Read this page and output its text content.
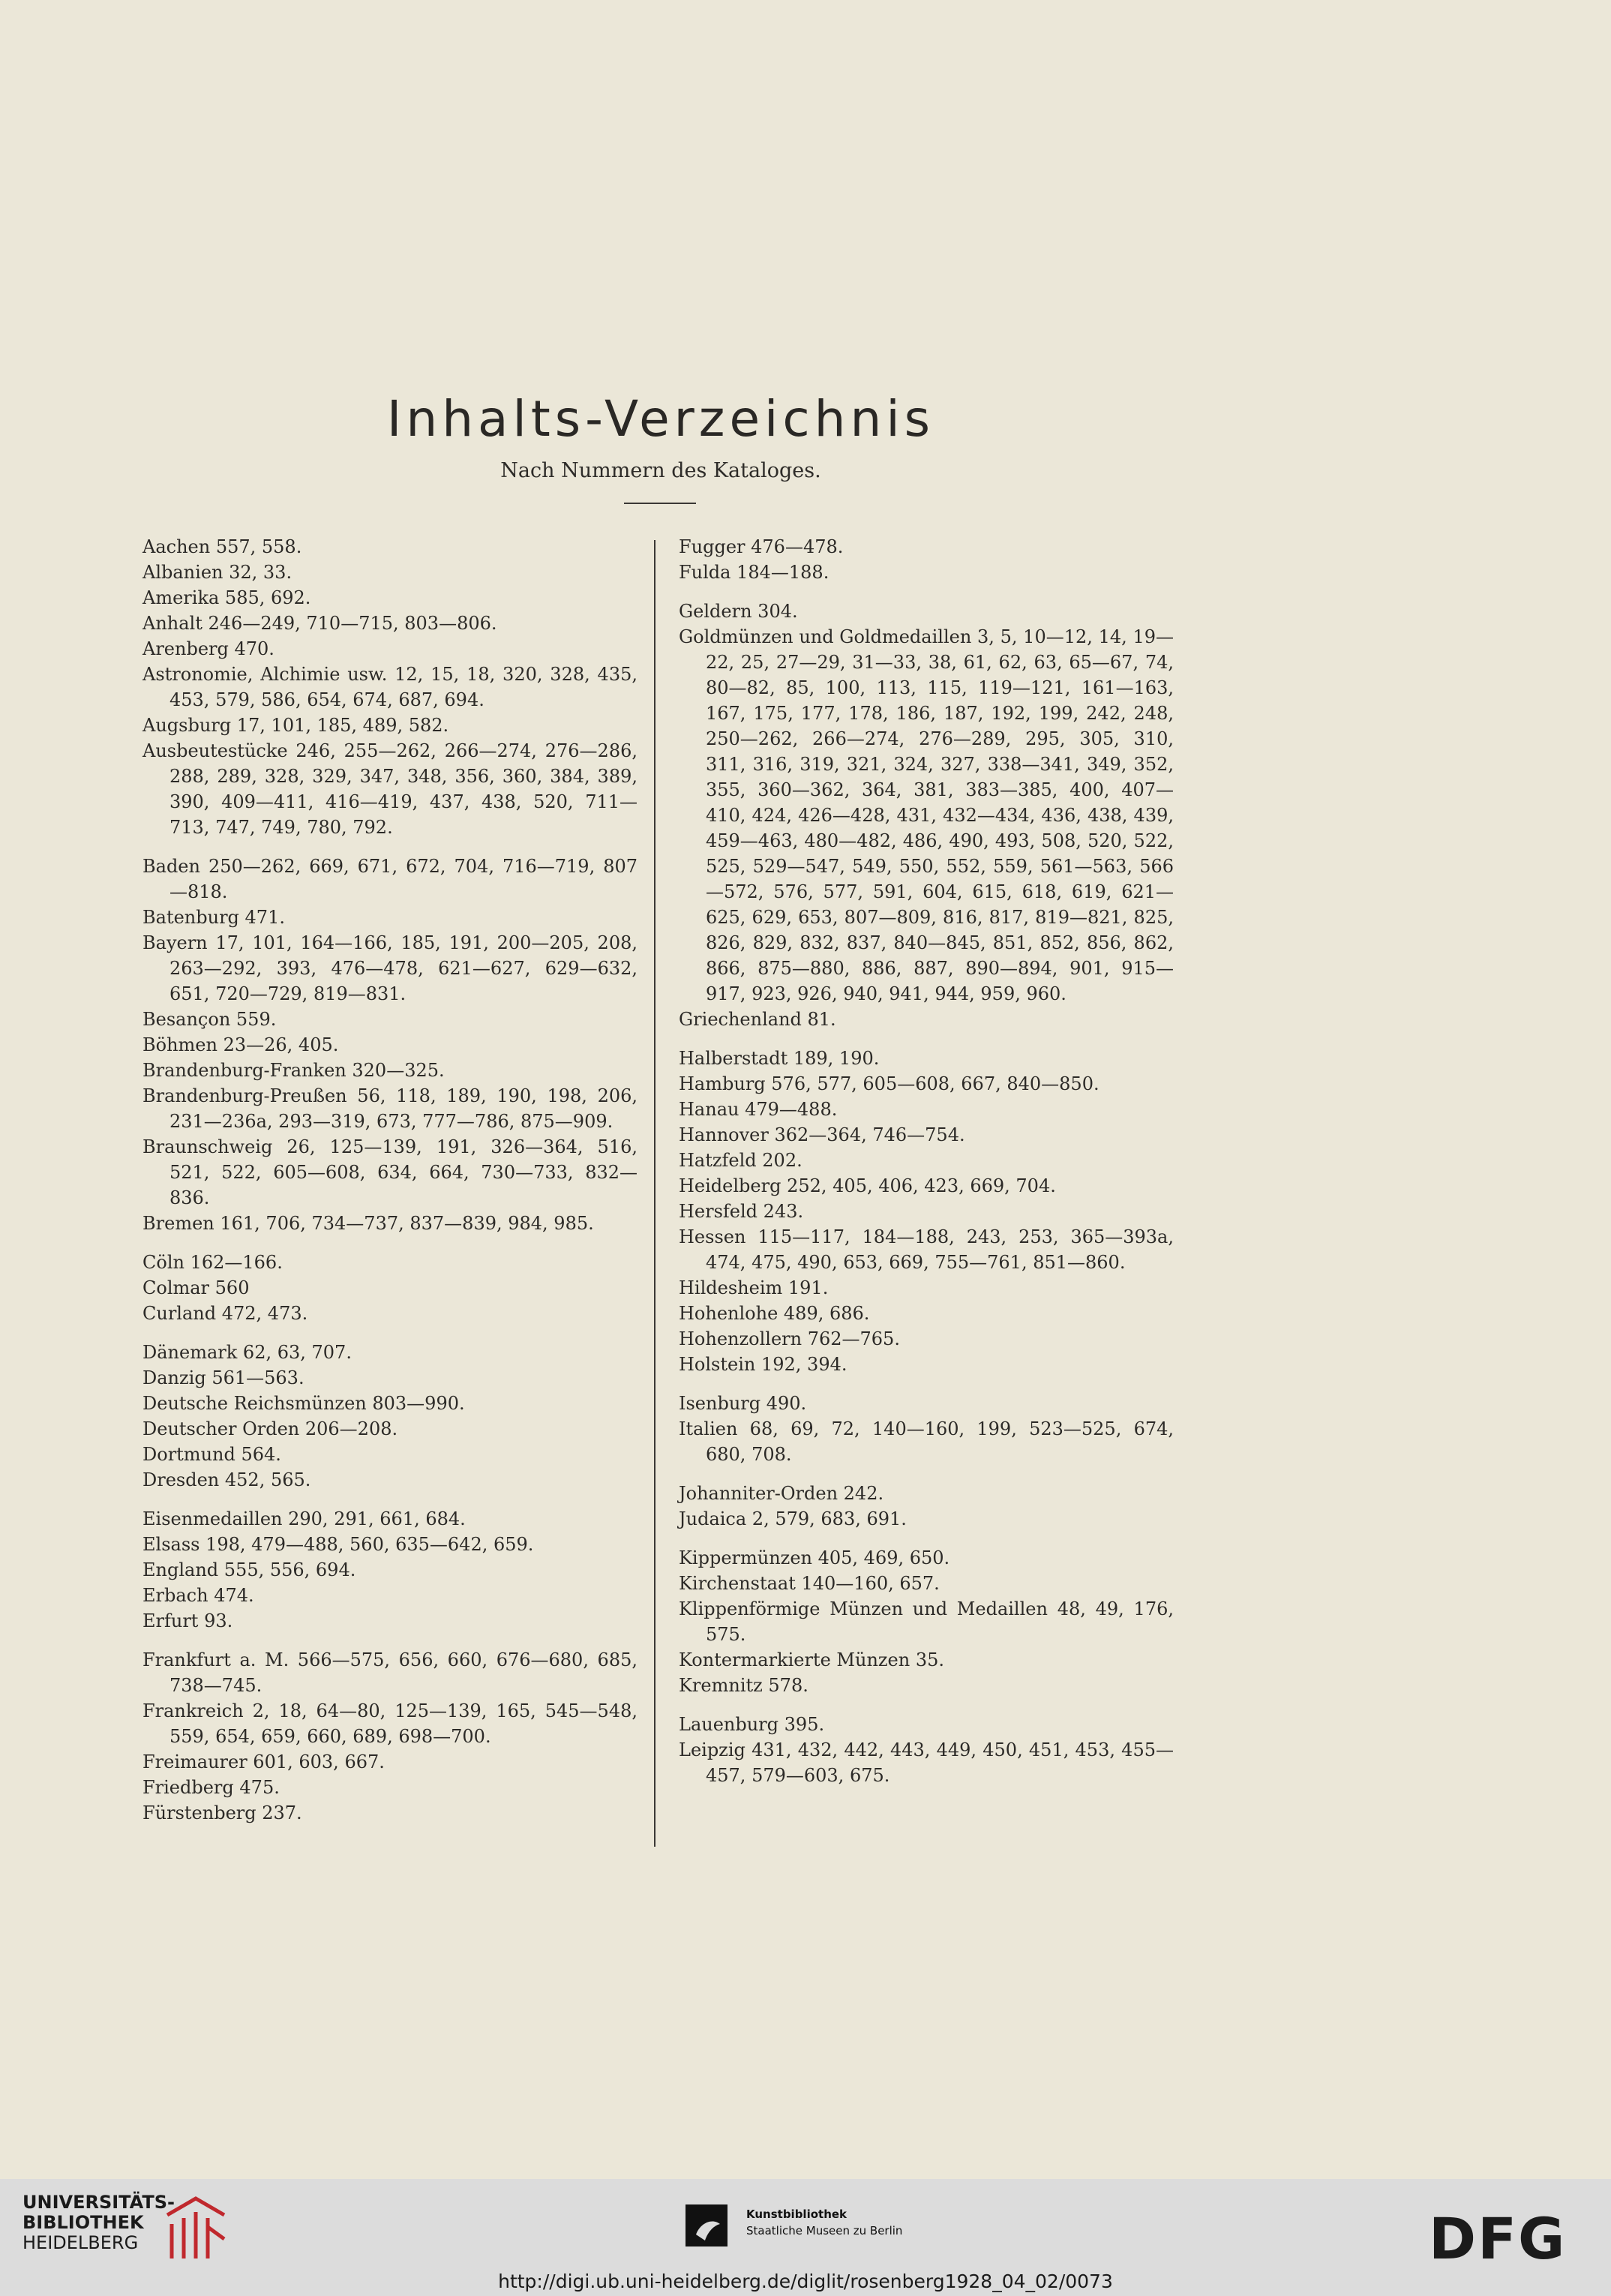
Inhalts-Verzeichnis
Nach Nummern des Kataloges.
Aachen 557, 558.
Albanien 32, 33.
Amerika 585, 692.
Anhalt 246—249, 710—715, 803—806.
Arenberg 470.
Astronomie, Alchimie usw. 12, 15, 18, 320, 328, 435, 453, 579, 586, 654, 674, 687, 694.
Augsburg 17, 101, 185, 489, 582.
Ausbeutestücke 246, 255—262, 266—274, 276—286, 288, 289, 328, 329, 347, 348, 356, 360, 384, 389, 390, 409—411, 416—419, 437, 438, 520, 711—713, 747, 749, 780, 792.
Baden 250—262, 669, 671, 672, 704, 716—719, 807—818.
Batenburg 471.
Bayern 17, 101, 164—166, 185, 191, 200—205, 208, 263—292, 393, 476—478, 621—627, 629—632, 651, 720—729, 819—831.
Besançon 559.
Böhmen 23—26, 405.
Brandenburg-Franken 320—325.
Brandenburg-Preußen 56, 118, 189, 190, 198, 206, 231—236a, 293—319, 673, 777—786, 875—909.
Braunschweig 26, 125—139, 191, 326—364, 516, 521, 522, 605—608, 634, 664, 730—733, 832—836.
Bremen 161, 706, 734—737, 837—839, 984, 985.
Cöln 162—166.
Colmar 560
Curland 472, 473.
Dänemark 62, 63, 707.
Danzig 561—563.
Deutsche Reichsmünzen 803—990.
Deutscher Orden 206—208.
Dortmund 564.
Dresden 452, 565.
Eisenmedaillen 290, 291, 661, 684.
Elsass 198, 479—488, 560, 635—642, 659.
England 555, 556, 694.
Erbach 474.
Erfurt 93.
Frankfurt a. M. 566—575, 656, 660, 676—680, 685, 738—745.
Frankreich 2, 18, 64—80, 125—139, 165, 545—548, 559, 654, 659, 660, 689, 698—700.
Freimaurer 601, 603, 667.
Friedberg 475.
Fürstenberg 237.
Fugger 476—478.
Fulda 184—188.
Geldern 304.
Goldmünzen und Goldmedaillen 3, 5, 10—12, 14, 19—22, 25, 27—29, 31—33, 38, 61, 62, 63, 65—67, 74, 80—82, 85, 100, 113, 115, 119—121, 161—163, 167, 175, 177, 178, 186, 187, 192, 199, 242, 248, 250—262, 266—274, 276—289, 295, 305, 310, 311, 316, 319, 321, 324, 327, 338—341, 349, 352, 355, 360—362, 364, 381, 383—385, 400, 407—410, 424, 426—428, 431, 432—434, 436, 438, 439, 459—463, 480—482, 486, 490, 493, 508, 520, 522, 525, 529—547, 549, 550, 552, 559, 561—563, 566—572, 576, 577, 591, 604, 615, 618, 619, 621—625, 629, 653, 807—809, 816, 817, 819—821, 825, 826, 829, 832, 837, 840—845, 851, 852, 856, 862, 866, 875—880, 886, 887, 890—894, 901, 915—917, 923, 926, 940, 941, 944, 959, 960.
Griechenland 81.
Halberstadt 189, 190.
Hamburg 576, 577, 605—608, 667, 840—850.
Hanau 479—488.
Hannover 362—364, 746—754.
Hatzfeld 202.
Heidelberg 252, 405, 406, 423, 669, 704.
Hersfeld 243.
Hessen 115—117, 184—188, 243, 253, 365—393a, 474, 475, 490, 653, 669, 755—761, 851—860.
Hildesheim 191.
Hohenlohe 489, 686.
Hohenzollern 762—765.
Holstein 192, 394.
Isenburg 490.
Italien 68, 69, 72, 140—160, 199, 523—525, 674, 680, 708.
Johanniter-Orden 242.
Judaica 2, 579, 683, 691.
Kippermünzen 405, 469, 650.
Kirchenstaat 140—160, 657.
Klippenförmige Münzen und Medaillen 48, 49, 176, 575.
Kontermarkierte Münzen 35.
Kremnitz 578.
Lauenburg 395.
Leipzig 431, 432, 442, 443, 449, 450, 451, 453, 455—457, 579—603, 675.
UNIVERSITÄTS-
BIBLIOTHEK
HEIDELBERG
Kunstbibliothek
Staatliche Museen zu Berlin	DFG
http://digi.ub.uni-heidelberg.de/diglit/rosenberg1928_04_02/0073
